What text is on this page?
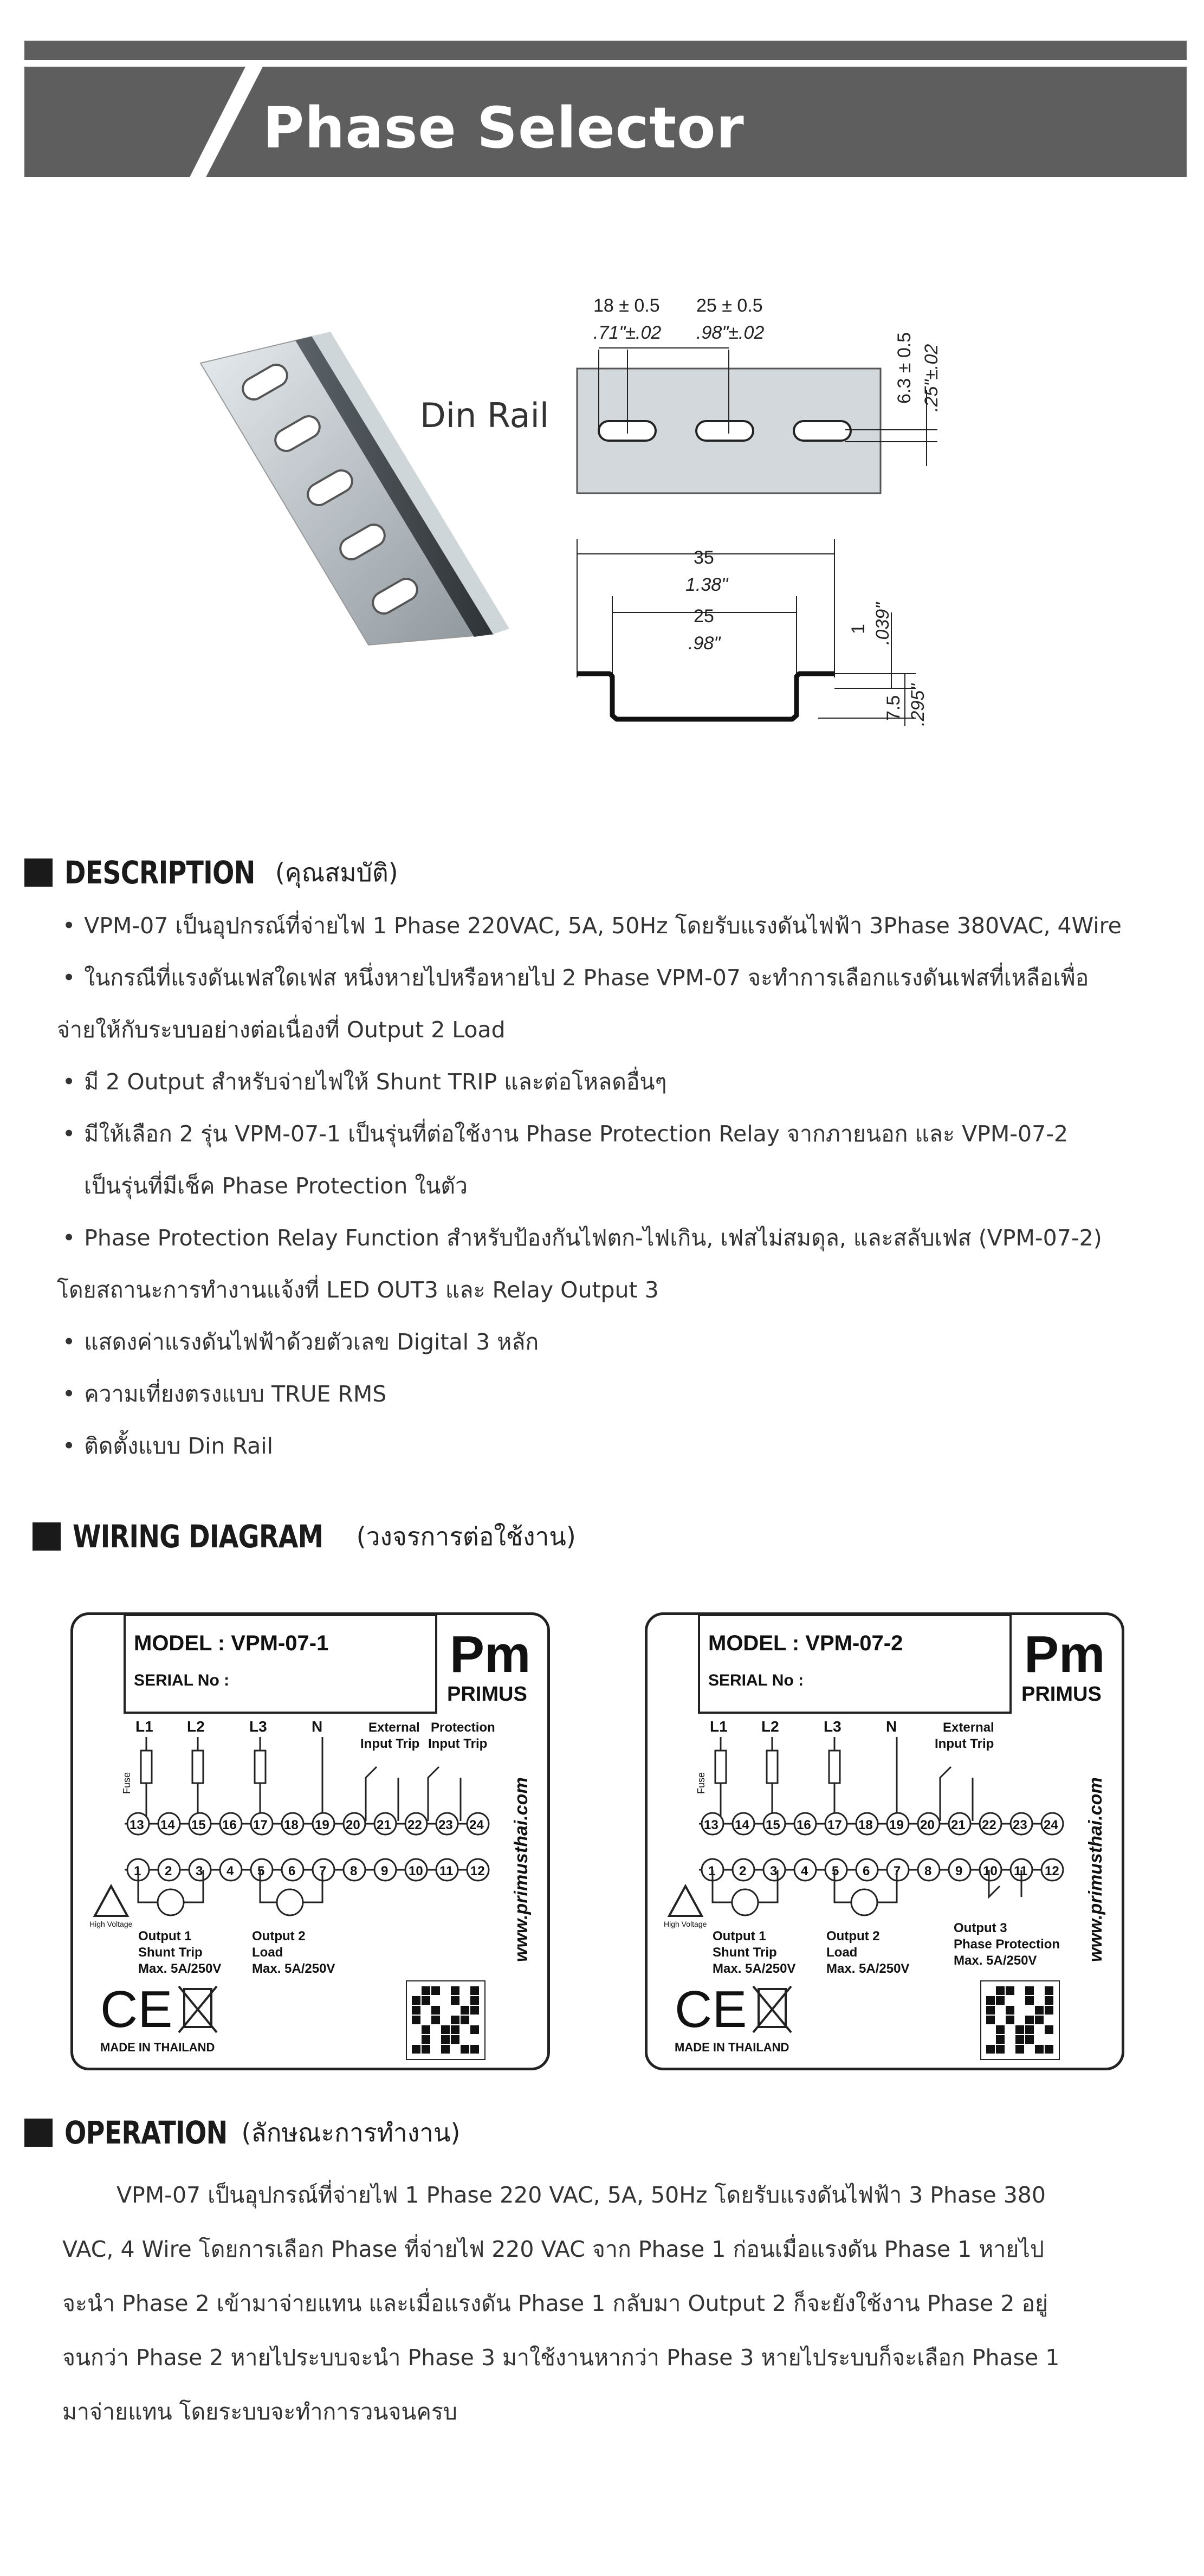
Phase Selector
Din Rail
18 ± 0.5
.71"±.02
25 ± 0.5
.98"±.02	6.3 ± 0.5 .25"±.02
35
1.38"
25
.98"
1 .039"
7.5 .295"
DESCRIPTION (คุณสมบัติ)

• VPM-07 เป็นอุปกรณ์ที่จ่ายไฟ 1 Phase 220VAC, 5A, 50Hz โดยรับแรงดันไฟฟ้า 3Phase 380VAC, 4Wire

• ในกรณีที่แรงดันเฟสใดเฟส หนึ่งหายไปหรือหายไป 2 Phase VPM-07 จะทำการเลือกแรงดันเฟสที่เหลือเพื่อ

จ่ายให้กับระบบอย่างต่อเนื่องที่ Output 2 Load

• มี 2 Output สำหรับจ่ายไฟให้ Shunt TRIP และต่อโหลดอื่นๆ

• มีให้เลือก 2 รุ่น VPM-07-1 เป็นรุ่นที่ต่อใช้งาน Phase Protection Relay จากภายนอก และ VPM-07-2

เป็นรุ่นที่มีเช็ค Phase Protection ในตัว

• Phase Protection Relay Function สำหรับป้องกันไฟตก-ไฟเกิน, เฟสไม่สมดุล, และสลับเฟส (VPM-07-2)

โดยสถานะการทำงานแจ้งที่ LED OUT3 และ Relay Output 3

• แสดงค่าแรงดันไฟฟ้าด้วยตัวเลข Digital 3 หลัก

• ความเที่ยงตรงแบบ TRUE RMS

• ติดตั้งแบบ Din Rail

WIRING DIAGRAM (วงจรการต่อใช้งาน)
MODEL : VPM-07-1
SERIAL No :	Pm
PRIMUS
www.primusthai.com
L1 L2	L3	N
Fuse
External
Input Trip
Protection
Input Trip
13 14 15 16 17 18 19 20 21 22 23 24
1 2 3 4 5 6 7 8 9 10 11 12
High Voltage
Output 1
Shunt Trip
Max. 5A/250V
Output 2
Load
Max. 5A/250V
CE
MADE IN THAILAND
MODEL : VPM-07-2
SERIAL No :	Pm
PRIMUS
www.primusthai.com
L1 L2	L3	N
Fuse
External
Input Trip
13 14 15 16 17 18 19 20 21 22 23 24
1 2 3 4 5 6 7 8 9 10 11 12
High Voltage
Output 1
Shunt Trip
Max. 5A/250V
Output 2
Load
Max. 5A/250V
Output 3
Phase Protection
Max. 5A/250V
CE
MADE IN THAILAND
OPERATION (ลักษณะการทำงาน)

VPM-07 เป็นอุปกรณ์ที่จ่ายไฟ 1 Phase 220 VAC, 5A, 50Hz โดยรับแรงดันไฟฟ้า 3 Phase 380

VAC, 4 Wire โดยการเลือก Phase ที่จ่ายไฟ 220 VAC จาก Phase 1 ก่อนเมื่อแรงดัน Phase 1 หายไป

จะนำ Phase 2 เข้ามาจ่ายแทน และเมื่อแรงดัน Phase 1 กลับมา Output 2 ก็จะยังใช้งาน Phase 2 อยู่

จนกว่า Phase 2 หายไประบบจะนำ Phase 3 มาใช้งานหากว่า Phase 3 หายไประบบก็จะเลือก Phase 1

มาจ่ายแทน โดยระบบจะทำการวนจนครบ
